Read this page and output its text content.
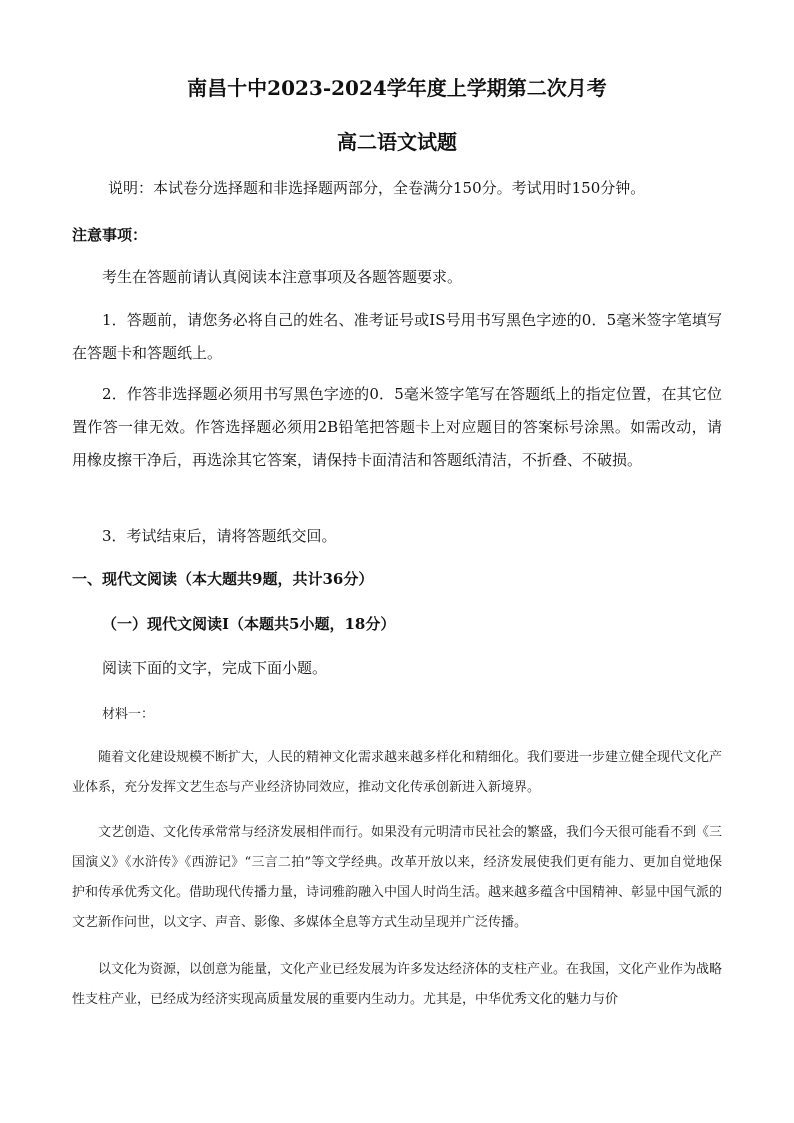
南昌十中2023-2024学年度上学期第二次月考
高二语文试题
说明：本试卷分选择题和非选择题两部分，全卷满分150分。考试用时150分钟。
注意事项：
考生在答题前请认真阅读本注意事项及各题答题要求。
1．答题前，请您务必将自己的姓名、准考证号或IS号用书写黑色字迹的0．5毫米签字笔填写在答题卡和答题纸上。
2．作答非选择题必须用书写黑色字迹的0．5毫米签字笔写在答题纸上的指定位置，在其它位置作答一律无效。作答选择题必须用2B铅笔把答题卡上对应题目的答案标号涂黑。如需改动，请用橡皮擦干净后，再选涂其它答案，请保持卡面清洁和答题纸清洁，不折叠、不破损。
3．考试结束后，请将答题纸交回。
一、现代文阅读（本大题共9题，共计36分）
（一）现代文阅读Ⅰ（本题共5小题，18分）
阅读下面的文字，完成下面小题。
材料一：
随着文化建设规模不断扩大，人民的精神文化需求越来越多样化和精细化。我们要进一步建立健全现代文化产业体系，充分发挥文艺生态与产业经济协同效应，推动文化传承创新进入新境界。
文艺创造、文化传承常常与经济发展相伴而行。如果没有元明清市民社会的繁盛，我们今天很可能看不到《三国演义》《水浒传》《西游记》“三言二拍”等文学经典。改革开放以来，经济发展使我们更有能力、更加自觉地保护和传承优秀文化。借助现代传播力量，诗词雅韵融入中国人时尚生活。越来越多蕴含中国精神、彰显中国气派的文艺新作问世，以文字、声音、影像、多媒体全息等方式生动呈现并广泛传播。
以文化为资源，以创意为能量，文化产业已经发展为许多发达经济体的支柱产业。在我国，文化产业作为战略性支柱产业，已经成为经济实现高质量发展的重要内生动力。尤其是，中华优秀文化的魅力与价
